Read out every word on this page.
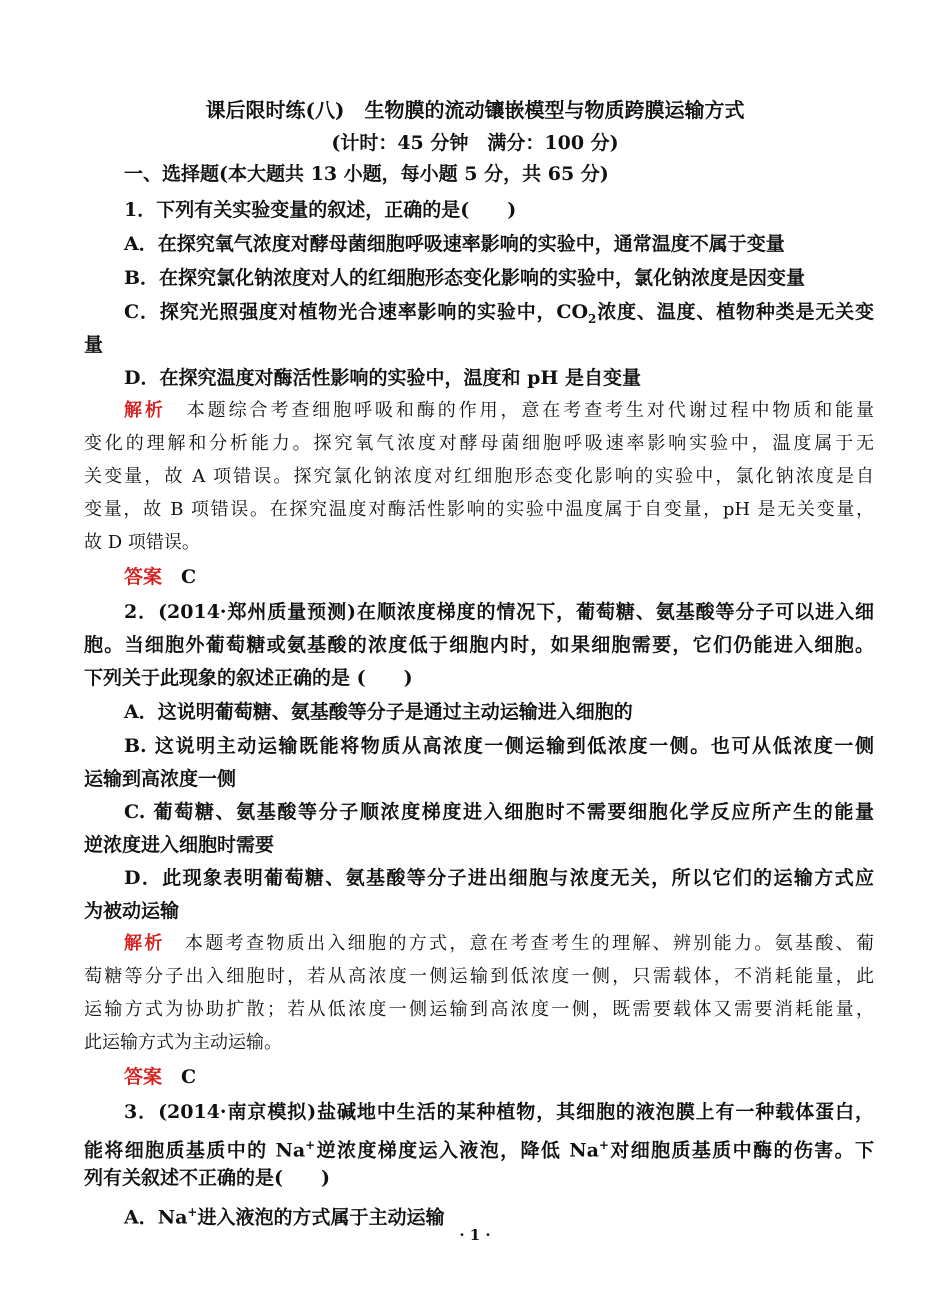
课后限时练(八)　生物膜的流动镶嵌模型与物质跨膜运输方式
(计时：45 分钟　满分：100 分)
一、选择题(本大题共 13 小题，每小题 5 分，共 65 分)
1．下列有关实验变量的叙述，正确的是(　　)
A．在探究氧气浓度对酵母菌细胞呼吸速率影响的实验中，通常温度不属于变量
B．在探究氯化钠浓度对人的红细胞形态变化影响的实验中，氯化钠浓度是因变量
C．探究光照强度对植物光合速率影响的实验中，$CO_2$浓度、温度、植物种类是无关变
量
D．在探究温度对酶活性影响的实验中，温度和 pH 是自变量
解析　 本题综合考查细胞呼吸和酶的作用，意在考查考生对代谢过程中物质和能量
变化的理解和分析能力。探究氧气浓度对酵母菌细胞呼吸速率影响实验中，温度属于无
关变量，故 A 项错误。探究氯化钠浓度对红细胞形态变化影响的实验中，氯化钠浓度是自
变量，故 B 项错误。在探究温度对酶活性影响的实验中温度属于自变量，pH 是无关变量，
故 D 项错误。
答案　 C
2．(2014·郑州质量预测)在顺浓度梯度的情况下，葡萄糖、氨基酸等分子可以进入细
胞。当细胞外葡萄糖或氨基酸的浓度低于细胞内时，如果细胞需要，它们仍能进入细胞。
下列关于此现象的叙述正确的是 (　　)
A．这说明葡萄糖、氨基酸等分子是通过主动运输进入细胞的
B. 这说明主动运输既能将物质从高浓度一侧运输到低浓度一侧。也可从低浓度一侧
运输到高浓度一侧
C. 葡萄糖、氨基酸等分子顺浓度梯度进入细胞时不需要细胞化学反应所产生的能量
逆浓度进入细胞时需要
D．此现象表明葡萄糖、氨基酸等分子进出细胞与浓度无关，所以它们的运输方式应
为被动运输
解析　 本题考查物质出入细胞的方式，意在考查考生的理解、辨别能力。氨基酸、葡
萄糖等分子出入细胞时，若从高浓度一侧运输到低浓度一侧，只需载体，不消耗能量，此
运输方式为协助扩散；若从低浓度一侧运输到高浓度一侧，既需要载体又需要消耗能量，
此运输方式为主动运输。
答案　 C
3．(2014·南京模拟)盐碱地中生活的某种植物，其细胞的液泡膜上有一种载体蛋白，
能将细胞质基质中的 Na+逆浓度梯度运入液泡，降低 Na+对细胞质基质中酶的伤害。下
列有关叙述不正确的是(　　)
A．Na+进入液泡的方式属于主动运输
· 1 ·
